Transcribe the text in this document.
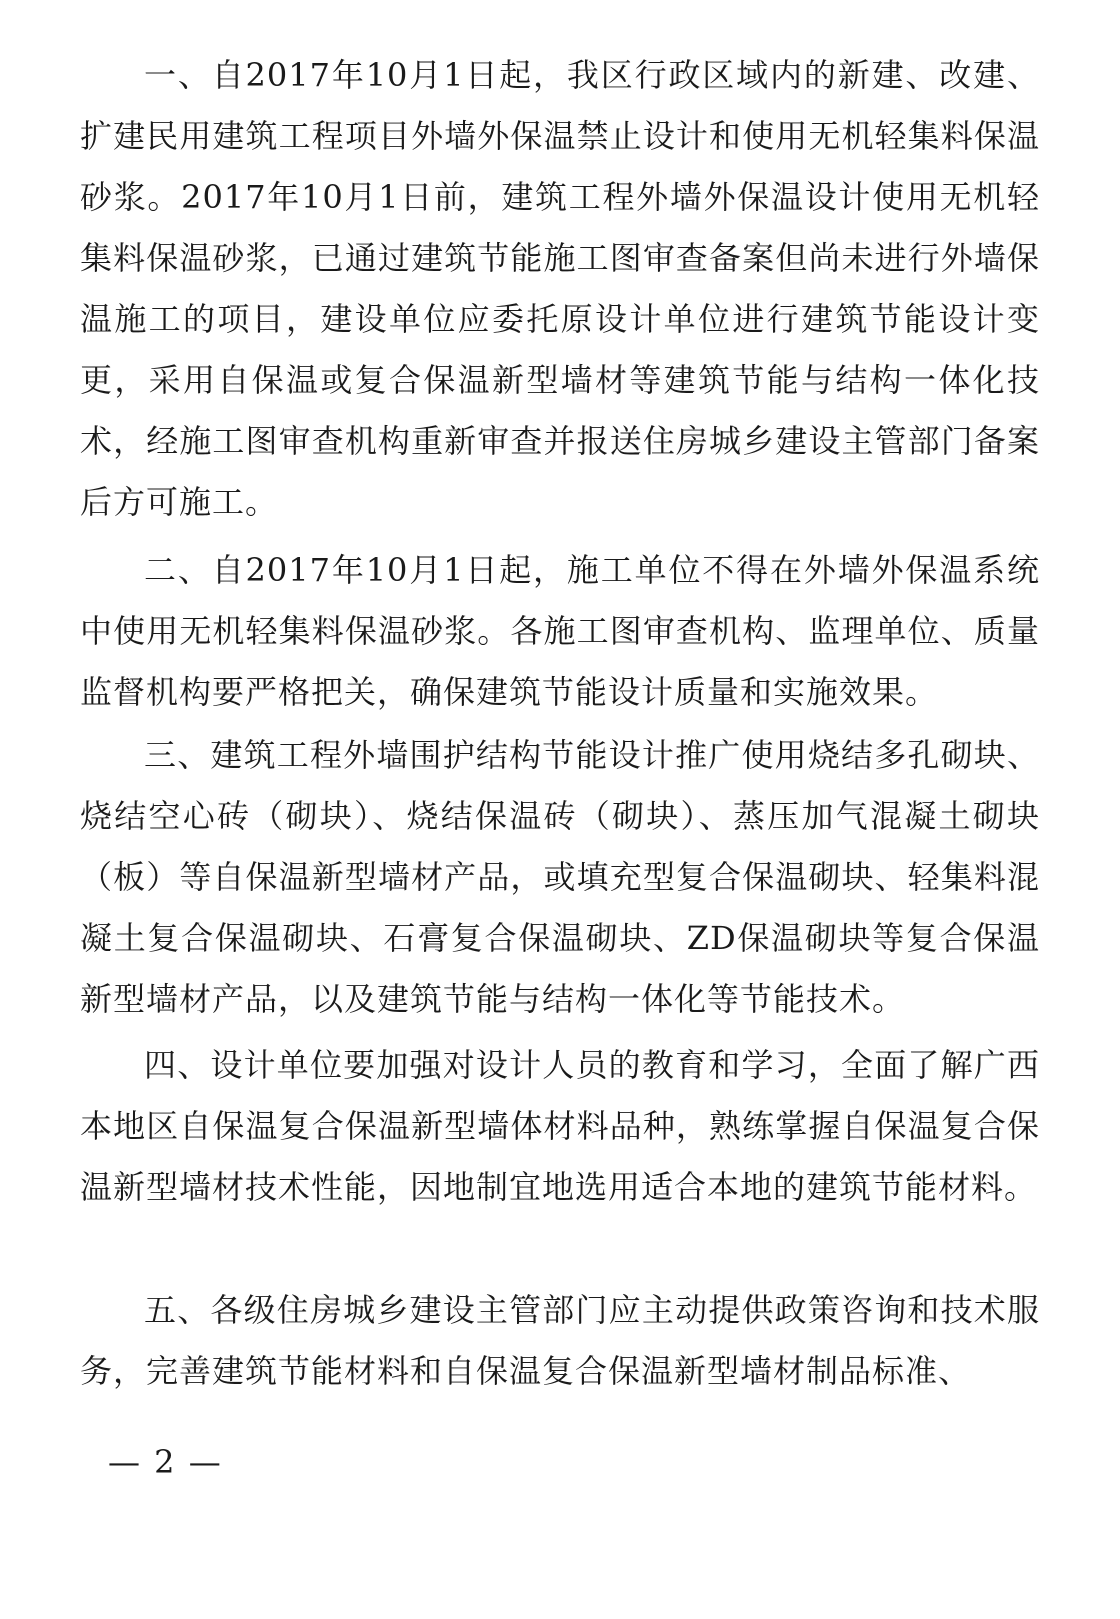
一、自2017年10月1日起，我区行政区域内的新建、改建、扩建民用建筑工程项目外墙外保温禁止设计和使用无机轻集料保温砂浆。2017年10月1日前，建筑工程外墙外保温设计使用无机轻集料保温砂浆，已通过建筑节能施工图审查备案但尚未进行外墙保温施工的项目，建设单位应委托原设计单位进行建筑节能设计变更，采用自保温或复合保温新型墙材等建筑节能与结构一体化技术，经施工图审查机构重新审查并报送住房城乡建设主管部门备案后方可施工。

二、自2017年10月1日起，施工单位不得在外墙外保温系统中使用无机轻集料保温砂浆。各施工图审查机构、监理单位、质量监督机构要严格把关，确保建筑节能设计质量和实施效果。

三、建筑工程外墙围护结构节能设计推广使用烧结多孔砌块、烧结空心砖（砌块）、烧结保温砖（砌块）、蒸压加气混凝土砌块（板）等自保温新型墙材产品，或填充型复合保温砌块、轻集料混凝土复合保温砌块、石膏复合保温砌块、ZD保温砌块等复合保温新型墙材产品，以及建筑节能与结构一体化等节能技术。

四、设计单位要加强对设计人员的教育和学习，全面了解广西本地区自保温复合保温新型墙体材料品种，熟练掌握自保温复合保温新型墙材技术性能，因地制宜地选用适合本地的建筑节能材料。

五、各级住房城乡建设主管部门应主动提供政策咨询和技术服务，完善建筑节能材料和自保温复合保温新型墙材制品标准、

— 2 —
